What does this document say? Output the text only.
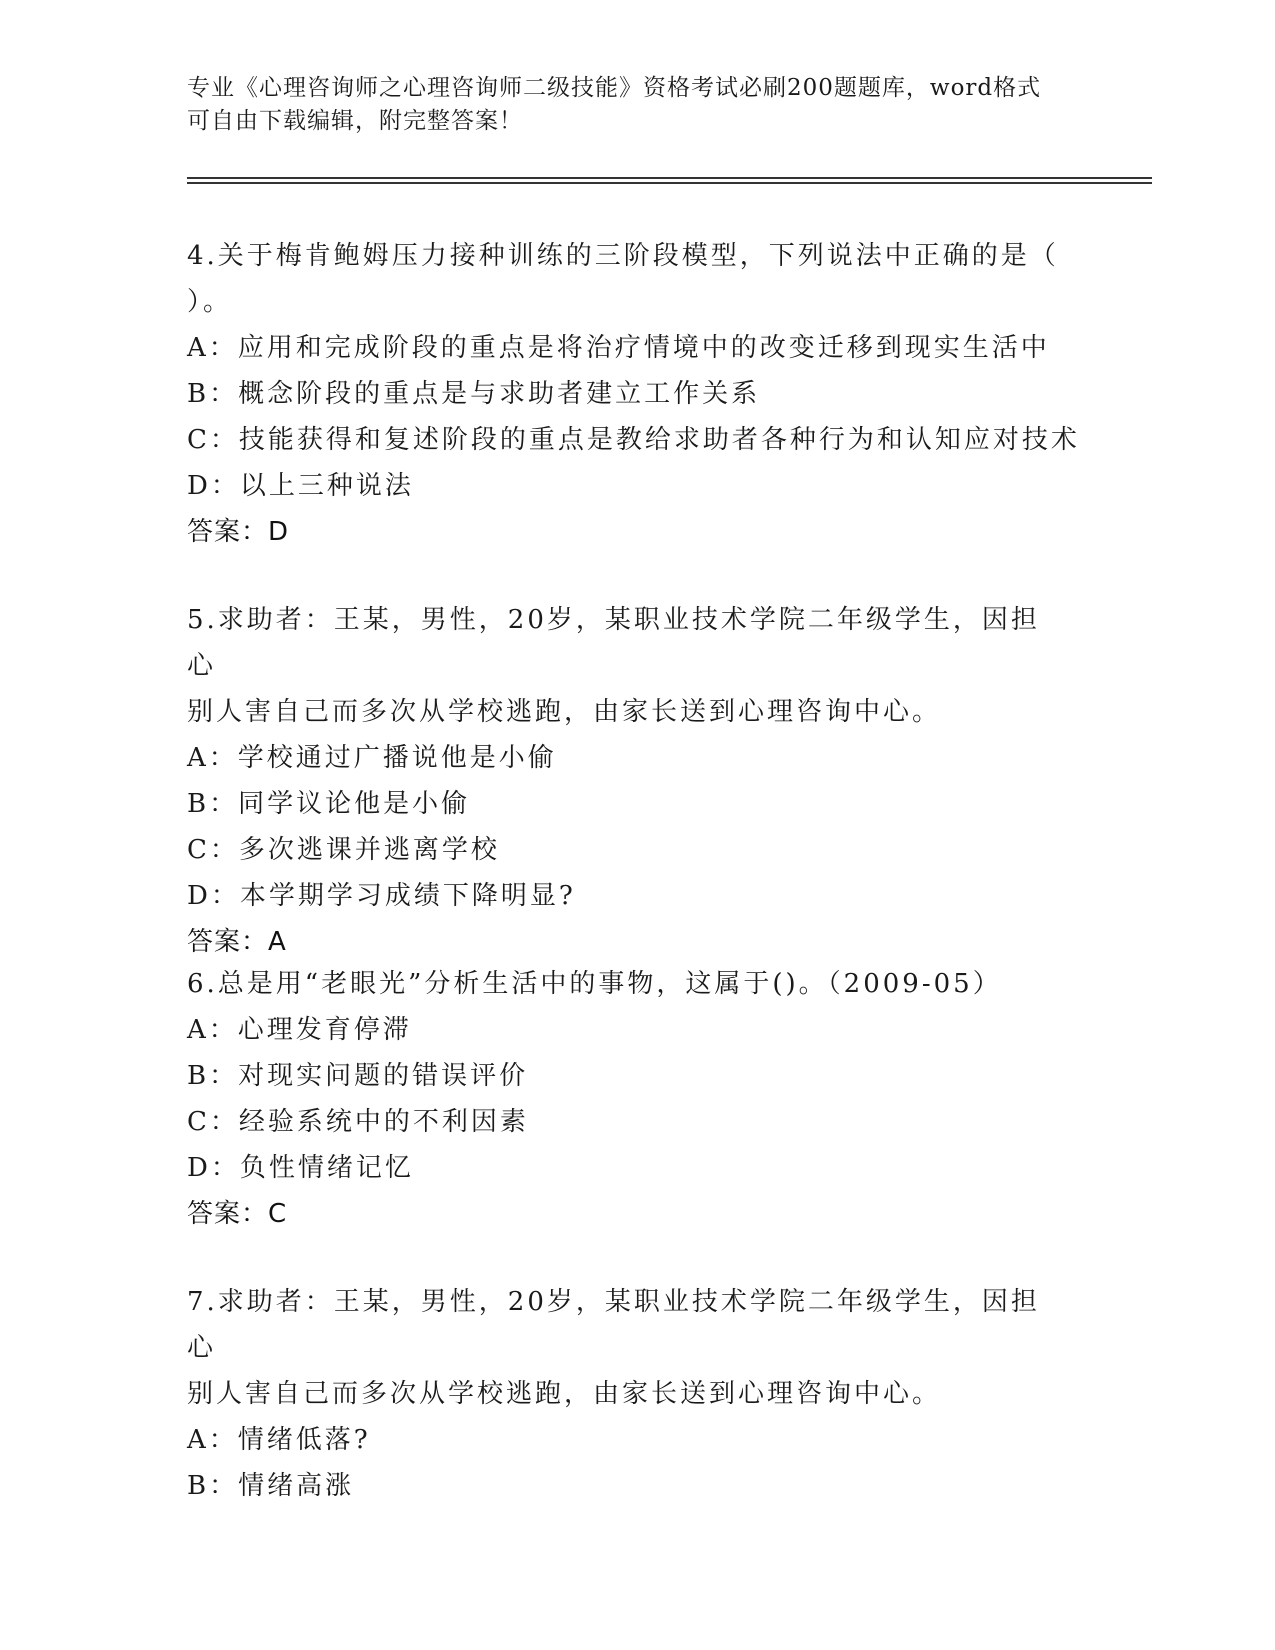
专业《心理咨询师之心理咨询师二级技能》资格考试必刷200题题库，word格式
可自由下载编辑，附完整答案！

4.关于梅肯鲍姆压力接种训练的三阶段模型，下列说法中正确的是（

）。

A：应用和完成阶段的重点是将治疗情境中的改变迁移到现实生活中

B：概念阶段的重点是与求助者建立工作关系

C：技能获得和复述阶段的重点是教给求助者各种行为和认知应对技术

D：以上三种说法

答案：D

5.求助者：王某，男性，20岁，某职业技术学院二年级学生，因担心

别人害自己而多次从学校逃跑，由家长送到心理咨询中心。

A：学校通过广播说他是小偷

B：同学议论他是小偷

C：多次逃课并逃离学校

D：本学期学习成绩下降明显?

答案：A

6.总是用“老眼光”分析生活中的事物，这属于()。（2009-05）

A：心理发育停滞

B：对现实问题的错误评价

C：经验系统中的不利因素

D：负性情绪记忆

答案：C

7.求助者：王某，男性，20岁，某职业技术学院二年级学生，因担心

别人害自己而多次从学校逃跑，由家长送到心理咨询中心。

A：情绪低落?

B：情绪高涨
